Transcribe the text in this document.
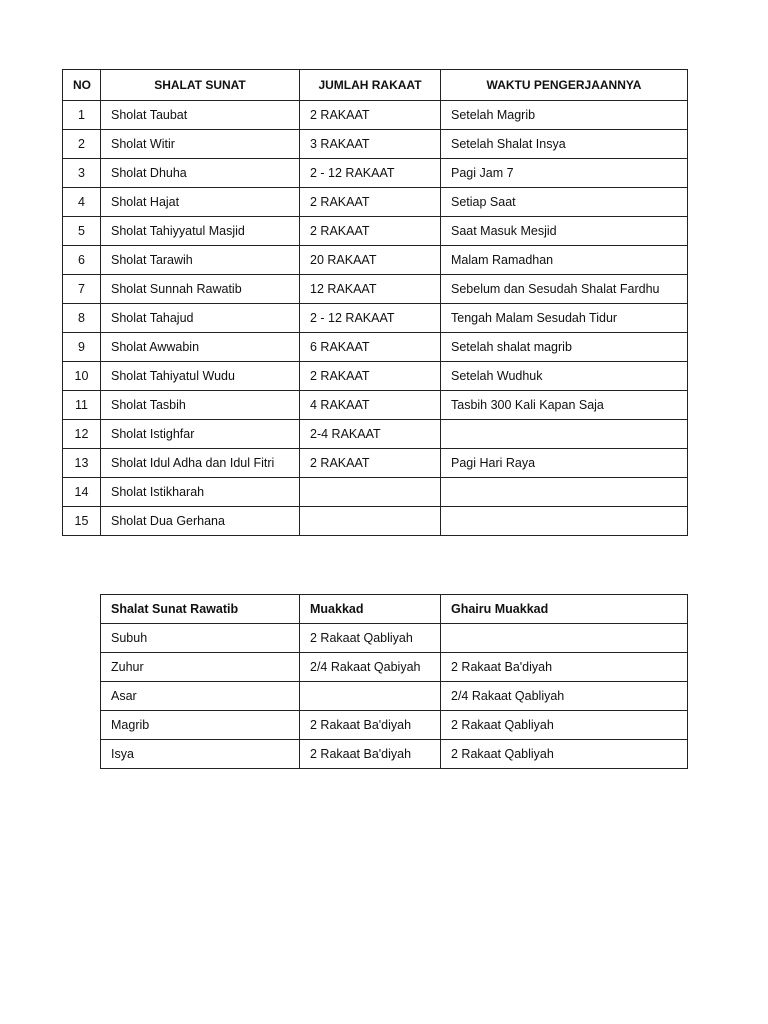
NO	SHALAT SUNAT	JUMLAH RAKAAT	WAKTU PENGERJAANNYA
1	Sholat Taubat	2 RAKAAT	Setelah Magrib
2	Sholat Witir	3 RAKAAT	Setelah Shalat Insya
3	Sholat Dhuha	2 - 12 RAKAAT	Pagi Jam 7
4	Sholat Hajat	2 RAKAAT	Setiap Saat
5	Sholat Tahiyyatul Masjid	2 RAKAAT	Saat Masuk Mesjid
6	Sholat Tarawih	20 RAKAAT	Malam Ramadhan
7	Sholat Sunnah Rawatib	12 RAKAAT	Sebelum dan Sesudah Shalat Fardhu
8	Sholat Tahajud	2 - 12 RAKAAT	Tengah Malam Sesudah Tidur
9	Sholat Awwabin	6 RAKAAT	Setelah shalat magrib
10	Sholat Tahiyatul Wudu	2 RAKAAT	Setelah Wudhuk
11	Sholat Tasbih	4 RAKAAT	Tasbih 300 Kali Kapan Saja
12	Sholat Istighfar	2-4 RAKAAT	
13	Sholat Idul Adha dan Idul Fitri	2 RAKAAT	Pagi Hari Raya
14	Sholat Istikharah		
15	Sholat Dua Gerhana		
Shalat Sunat Rawatib	Muakkad	Ghairu Muakkad
Subuh	2 Rakaat Qabliyah	
Zuhur	2/4 Rakaat Qabiyah	2 Rakaat Ba'diyah
Asar		2/4 Rakaat Qabliyah
Magrib	2 Rakaat Ba'diyah	2 Rakaat Qabliyah
Isya	2 Rakaat Ba'diyah	2 Rakaat Qabliyah
